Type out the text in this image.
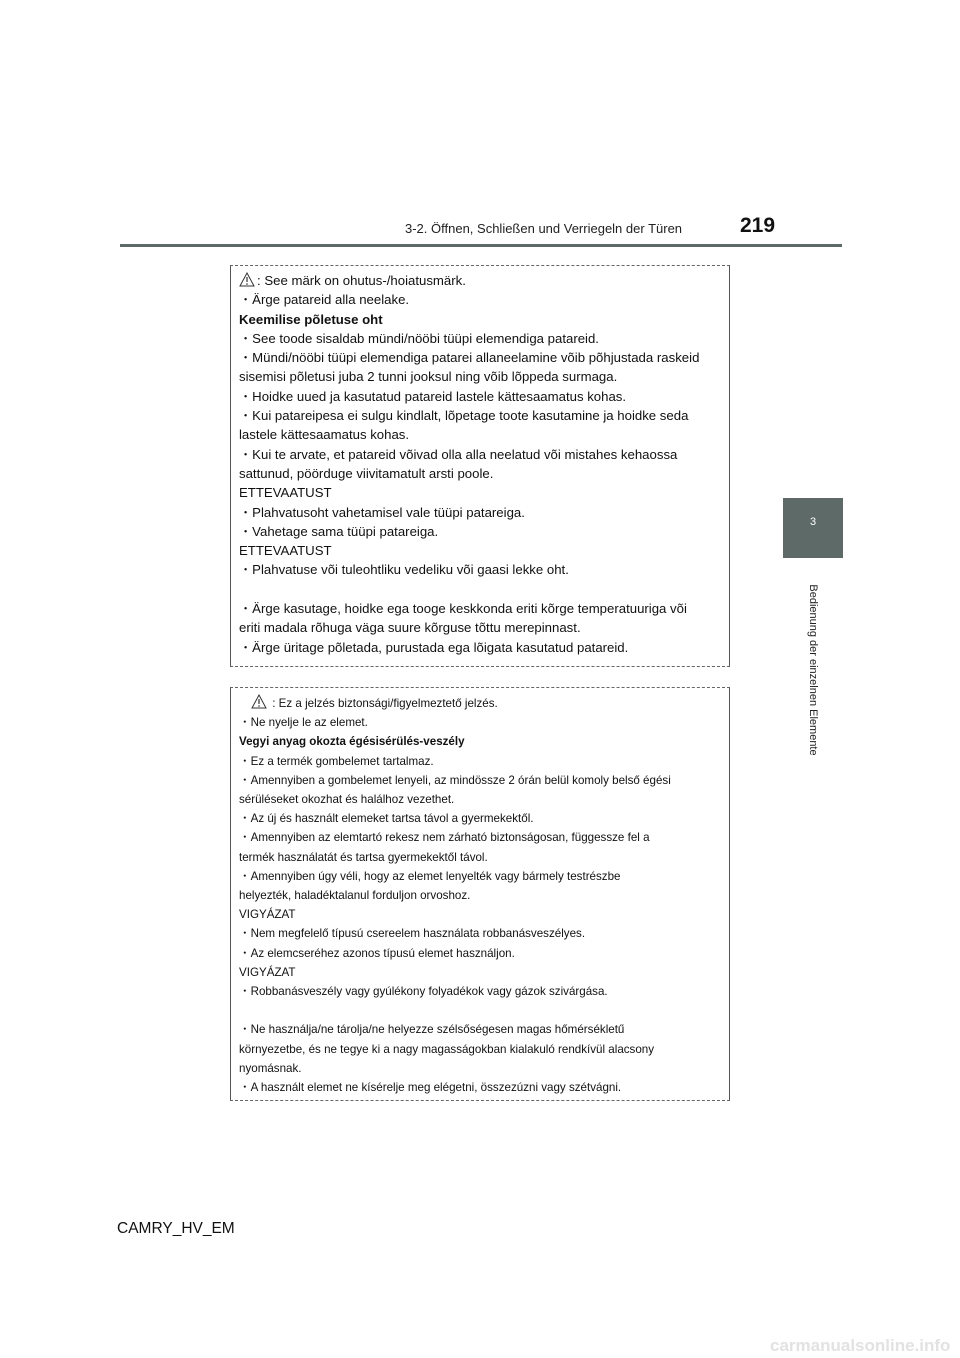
3-2. Öffnen, Schließen und Verriegeln der Türen	219
3
Bedienung der einzelnen Elemente
: See märk on ohutus-/hoiatusmärk.
・Ärge patareid alla neelake.
Keemilise põletuse oht
・See toode sisaldab mündi/nööbi tüüpi elemendiga patareid.
・Mündi/nööbi tüüpi elemendiga patarei allaneelamine võib põhjustada raskeid
sisemisi põletusi juba 2 tunni jooksul ning võib lõppeda surmaga.
・Hoidke uued ja kasutatud patareid lastele kättesaamatus kohas.
・Kui patareipesa ei sulgu kindlalt, lõpetage toote kasutamine ja hoidke seda
lastele kättesaamatus kohas.
・Kui te arvate, et patareid võivad olla alla neelatud või mistahes kehaossa
sattunud, pöörduge viivitamatult arsti poole.
ETTEVAATUST
・Plahvatusoht vahetamisel vale tüüpi patareiga.
・Vahetage sama tüüpi patareiga.
ETTEVAATUST
・Plahvatuse või tuleohtliku vedeliku või gaasi lekke oht.
・Ärge kasutage, hoidke ega tooge keskkonda eriti kõrge temperatuuriga või
eriti madala rõhuga väga suure kõrguse tõttu merepinnast.
・Ärge üritage põletada, purustada ega lõigata kasutatud patareid.
: Ez a jelzés biztonsági/figyelmeztető jelzés.
・Ne nyelje le az elemet.
Vegyi anyag okozta égésisérülés-veszély
・Ez a termék gombelemet tartalmaz.
・Amennyiben a gombelemet lenyeli, az mindössze 2 órán belül komoly belső égési
sérüléseket okozhat és halálhoz vezethet.
・Az új és használt elemeket tartsa távol a gyermekektől.
・Amennyiben az elemtartó rekesz nem zárható biztonságosan, függessze fel a
termék használatát és tartsa gyermekektől távol.
・Amennyiben úgy véli, hogy az elemet lenyelték vagy bármely testrészbe
helyezték, haladéktalanul forduljon orvoshoz.
VIGYÁZAT
・Nem megfelelő típusú csereelem használata robbanásveszélyes.
・Az elemcseréhez azonos típusú elemet használjon.
VIGYÁZAT
・Robbanásveszély vagy gyúlékony folyadékok vagy gázok szivárgása.
・Ne használja/ne tárolja/ne helyezze szélsőségesen magas hőmérsékletű
környezetbe, és ne tegye ki a nagy magasságokban kialakuló rendkívül alacsony
nyomásnak.
・A használt elemet ne kísérelje meg elégetni, összezúzni vagy szétvágni.
CAMRY_HV_EM
carmanualsonline.info
